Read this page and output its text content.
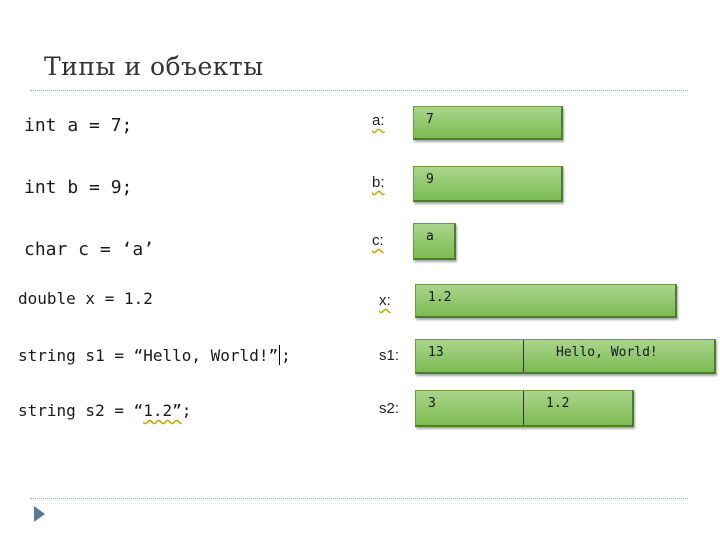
Типы и объекты
int a = 7;
int b = 9;
char c = ‘a’
double x = 1.2
string s1 = “Hello, World!” ;
string s2 = “1.2”;
a:
b:
c:
x:
s1:
s2:
7
9
a
1.2
13	Hello, World!
3	1.2
